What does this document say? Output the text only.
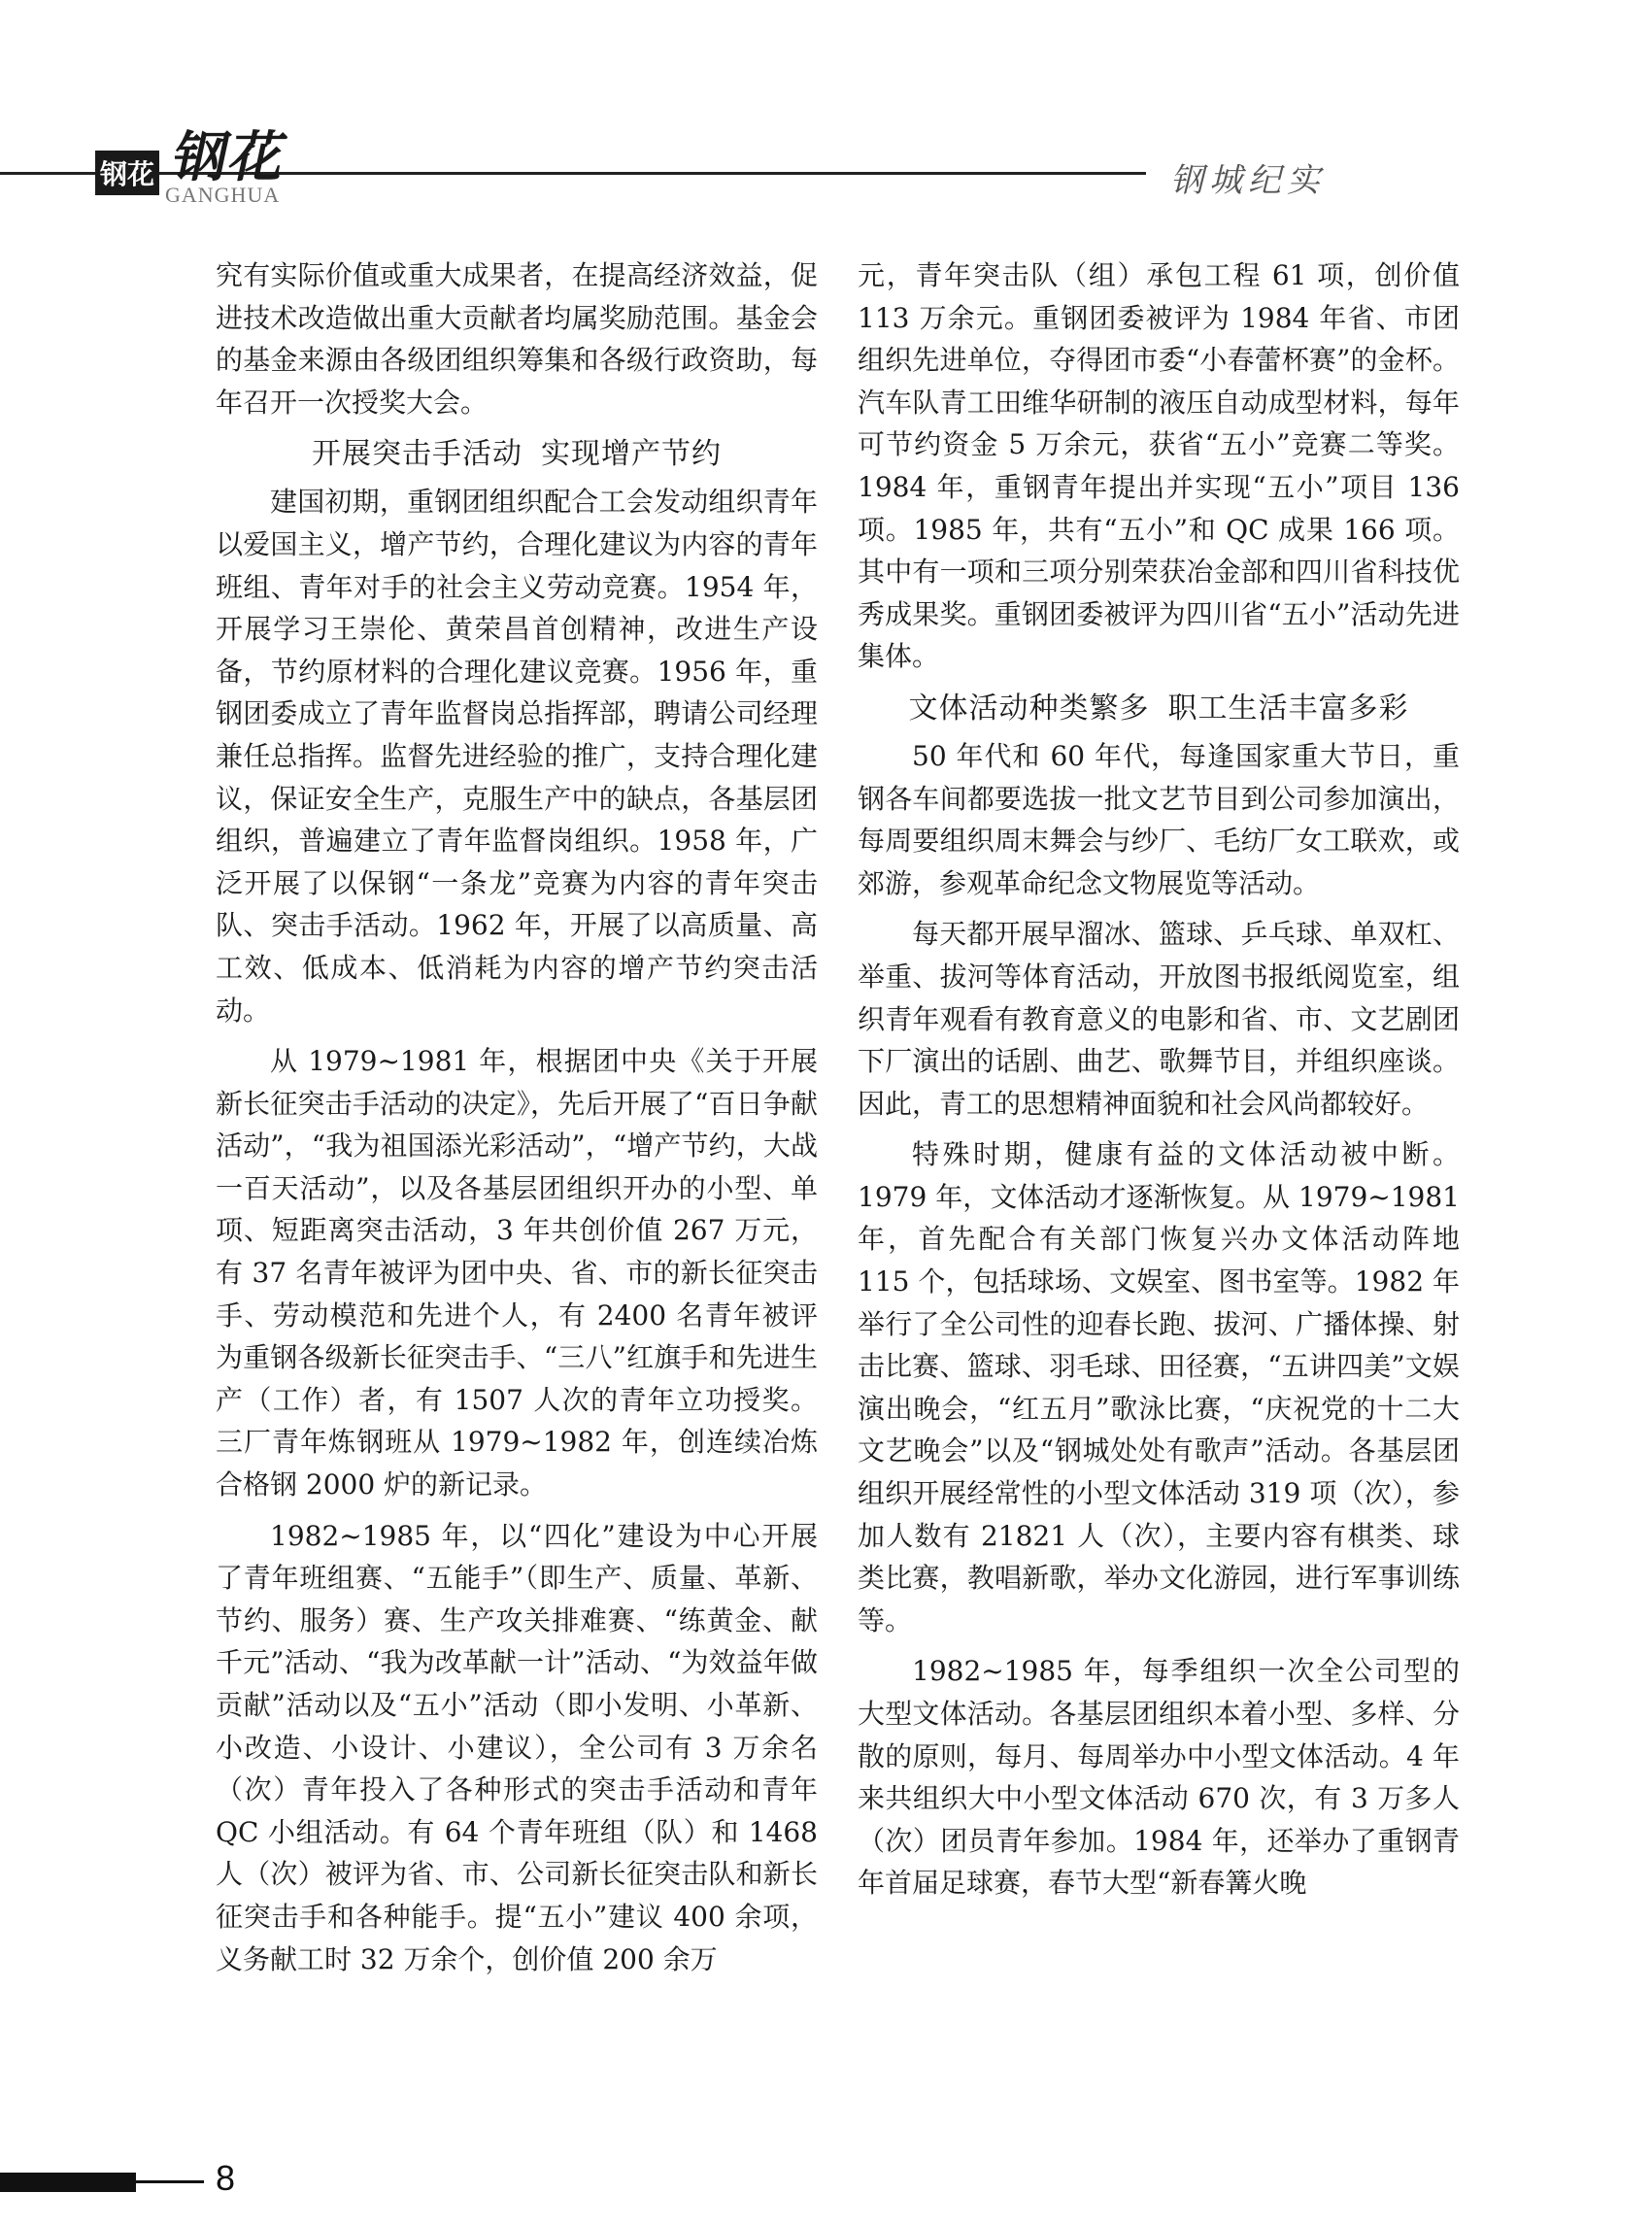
钢花 钢花
GANGHUA	钢城纪实
究有实际价值或重大成果者，在提高经济效益，促进技术改造做出重大贡献者均属奖励范围。基金会的基金来源由各级团组织筹集和各级行政资助，每年召开一次授奖大会。
开展突击手活动 实现增产节约
建国初期，重钢团组织配合工会发动组织青年以爱国主义，增产节约，合理化建议为内容的青年班组、青年对手的社会主义劳动竞赛。1954 年，开展学习王崇伦、黄荣昌首创精神，改进生产设备，节约原材料的合理化建议竞赛。1956 年，重钢团委成立了青年监督岗总指挥部，聘请公司经理兼任总指挥。监督先进经验的推广，支持合理化建议，保证安全生产，克服生产中的缺点，各基层团组织，普遍建立了青年监督岗组织。1958 年，广泛开展了以保钢“一条龙”竞赛为内容的青年突击队、突击手活动。1962 年，开展了以高质量、高工效、低成本、低消耗为内容的增产节约突击活动。
从 1979~1981 年，根据团中央《关于开展新长征突击手活动的决定》，先后开展了“百日争献活动”，“我为祖国添光彩活动”，“增产节约，大战一百天活动”，以及各基层团组织开办的小型、单项、短距离突击活动，3 年共创价值 267 万元，有 37 名青年被评为团中央、省、市的新长征突击手、劳动模范和先进个人，有 2400 名青年被评为重钢各级新长征突击手、“三八”红旗手和先进生产（工作）者，有 1507 人次的青年立功授奖。三厂青年炼钢班从 1979~1982 年，创连续冶炼合格钢 2000 炉的新记录。
1982~1985 年，以“四化”建设为中心开展了青年班组赛、“五能手”（即生产、质量、革新、节约、服务）赛、生产攻关排难赛、“练黄金、献千元”活动、“我为改革献一计”活动、“为效益年做贡献”活动以及“五小”活动（即小发明、小革新、小改造、小设计、小建议），全公司有 3 万余名（次）青年投入了各种形式的突击手活动和青年 QC 小组活动。有 64 个青年班组（队）和 1468 人（次）被评为省、市、公司新长征突击队和新长征突击手和各种能手。提“五小”建议 400 余项，义务献工时 32 万余个，创价值 200 余万
元，青年突击队（组）承包工程 61 项，创价值 113 万余元。重钢团委被评为 1984 年省、市团组织先进单位，夺得团市委“小春蕾杯赛”的金杯。汽车队青工田维华研制的液压自动成型材料，每年可节约资金 5 万余元，获省“五小”竞赛二等奖。1984 年，重钢青年提出并实现“五小”项目 136 项。1985 年，共有“五小”和 QC 成果 166 项。其中有一项和三项分别荣获冶金部和四川省科技优秀成果奖。重钢团委被评为四川省“五小”活动先进集体。
文体活动种类繁多 职工生活丰富多彩
50 年代和 60 年代，每逢国家重大节日，重钢各车间都要选拔一批文艺节目到公司参加演出，每周要组织周末舞会与纱厂、毛纺厂女工联欢，或郊游，参观革命纪念文物展览等活动。
每天都开展早溜冰、篮球、乒乓球、单双杠、举重、拔河等体育活动，开放图书报纸阅览室，组织青年观看有教育意义的电影和省、市、文艺剧团下厂演出的话剧、曲艺、歌舞节目，并组织座谈。因此，青工的思想精神面貌和社会风尚都较好。
特殊时期，健康有益的文体活动被中断。1979 年，文体活动才逐渐恢复。从 1979~1981 年，首先配合有关部门恢复兴办文体活动阵地 115 个，包括球场、文娱室、图书室等。1982 年举行了全公司性的迎春长跑、拔河、广播体操、射击比赛、篮球、羽毛球、田径赛，“五讲四美”文娱演出晚会，“红五月”歌泳比赛，“庆祝党的十二大文艺晚会”以及“钢城处处有歌声”活动。各基层团组织开展经常性的小型文体活动 319 项（次），参加人数有 21821 人（次），主要内容有棋类、球类比赛，教唱新歌，举办文化游园，进行军事训练等。
1982~1985 年，每季组织一次全公司型的大型文体活动。各基层团组织本着小型、多样、分散的原则，每月、每周举办中小型文体活动。4 年来共组织大中小型文体活动 670 次，有 3 万多人（次）团员青年参加。1984 年，还举办了重钢青年首届足球赛，春节大型“新春篝火晚
8
